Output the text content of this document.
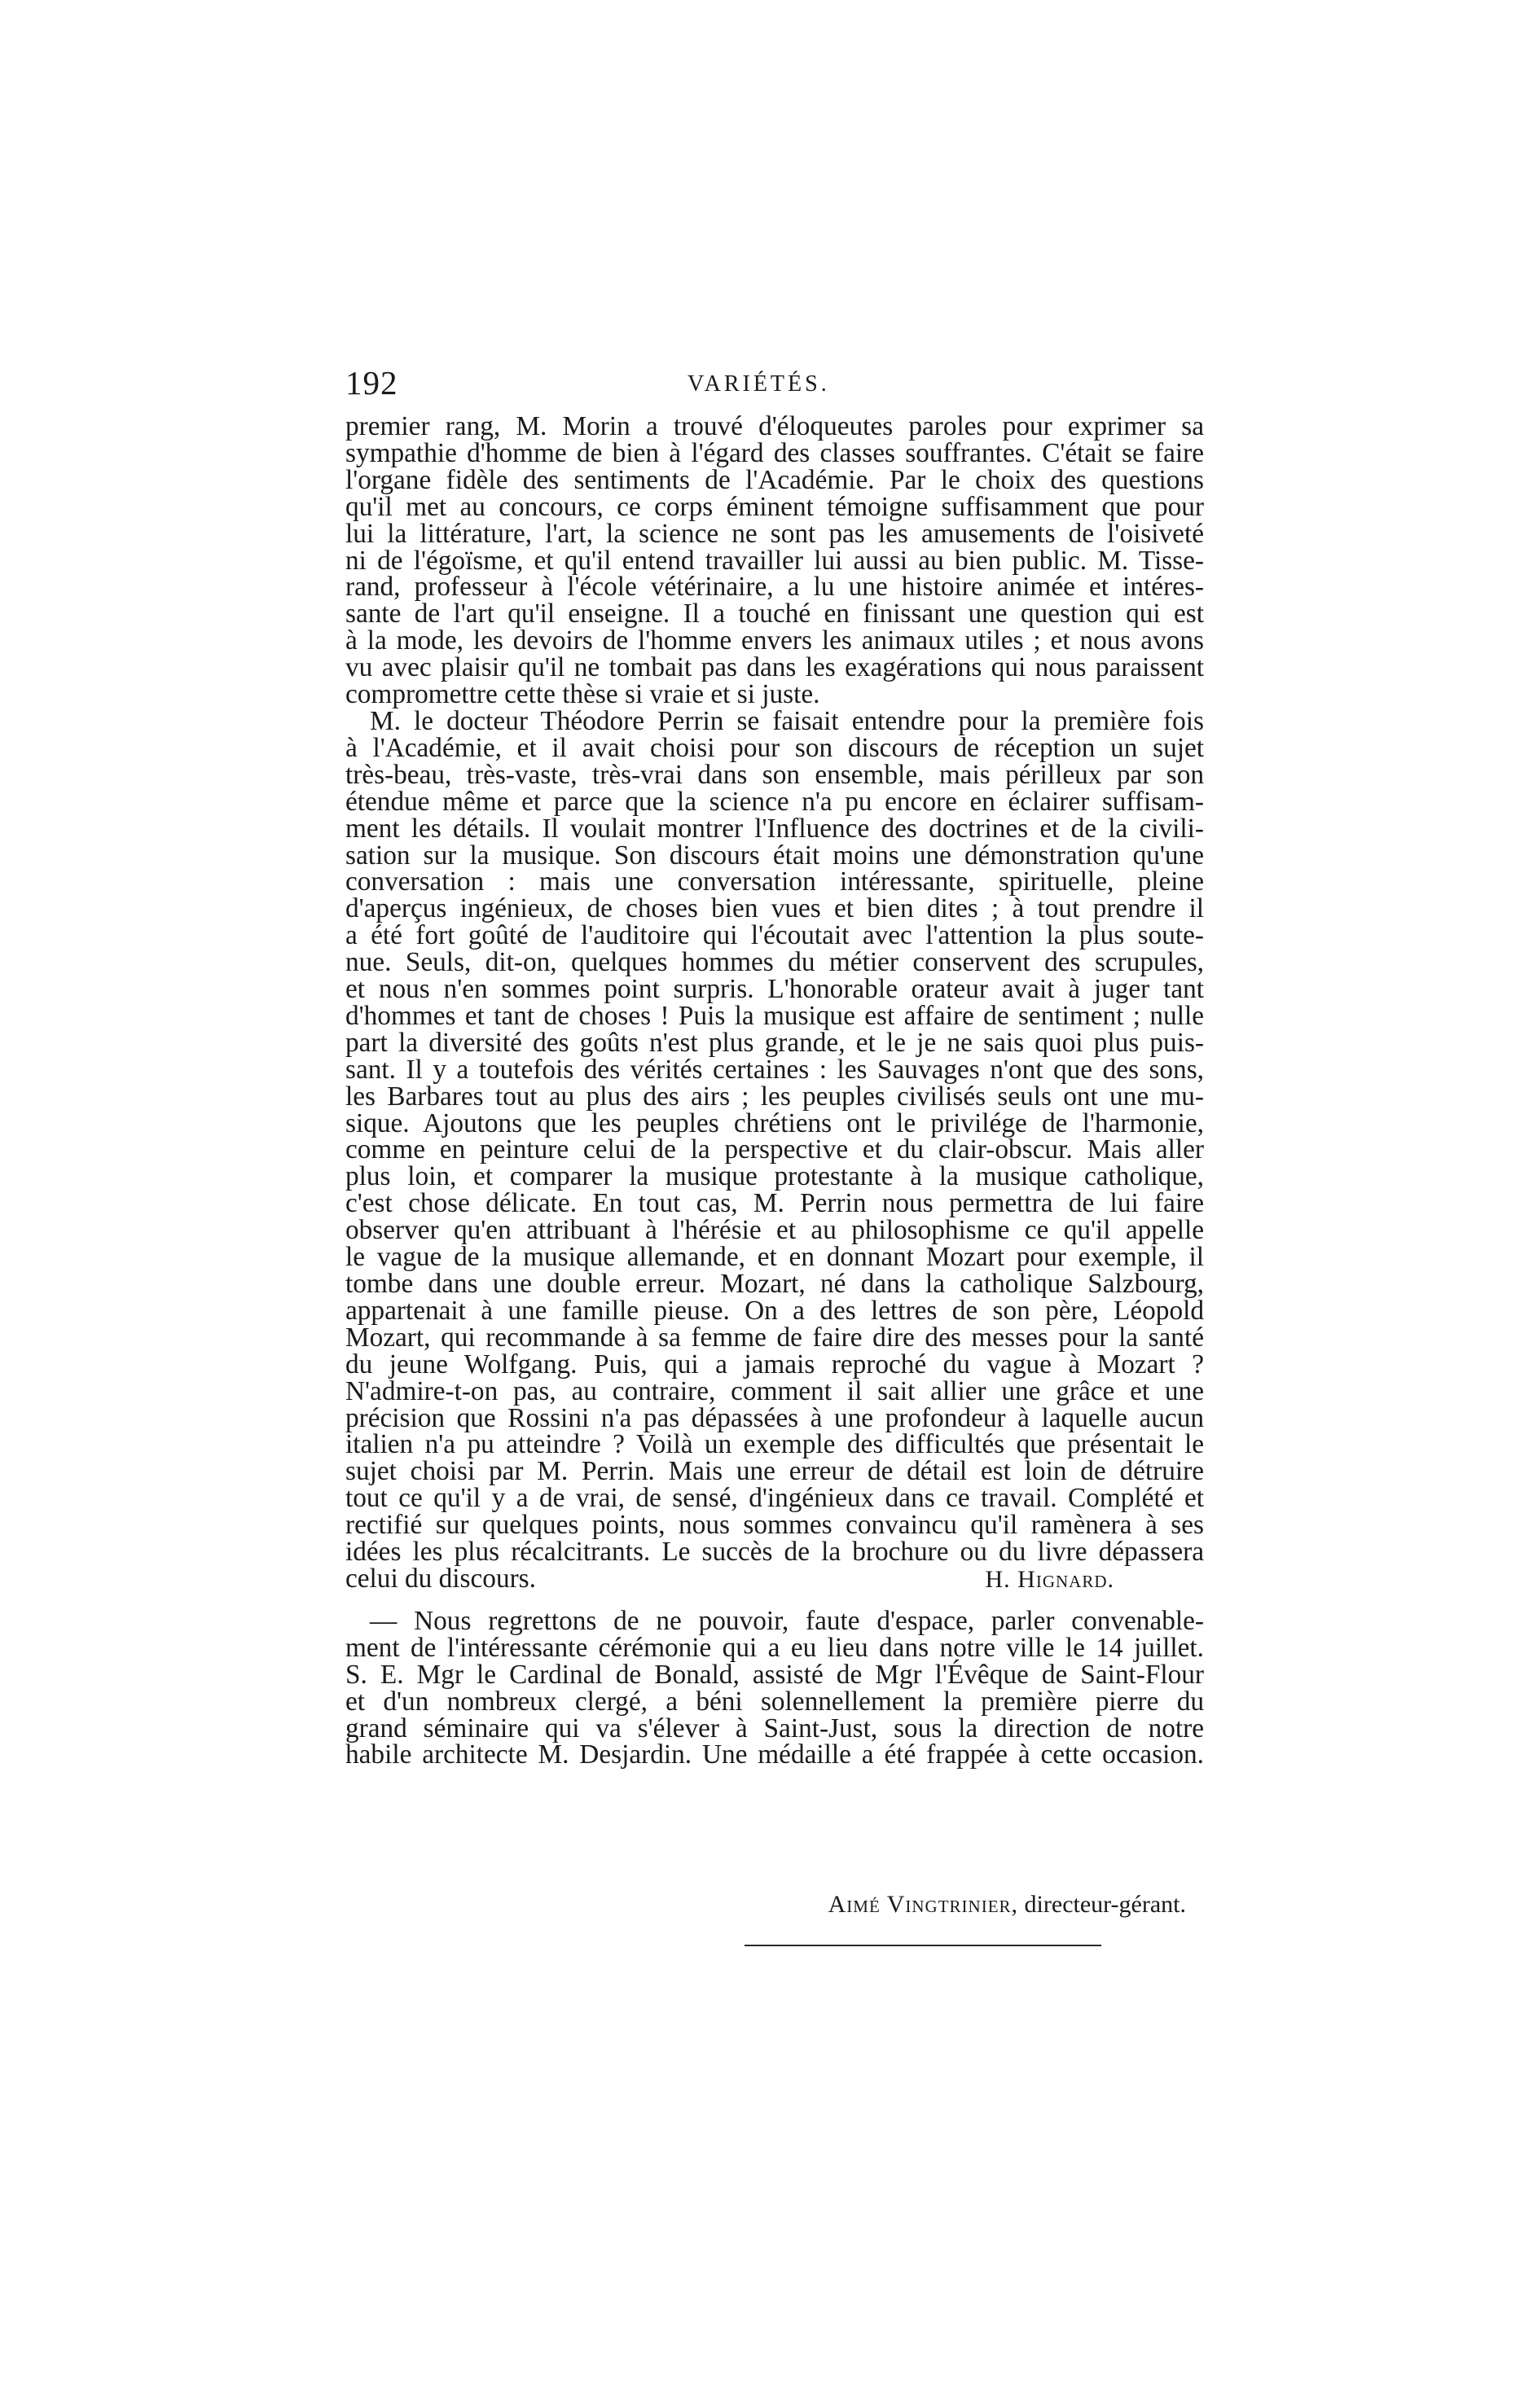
192	VARIÉTÉS.

premier rang, M. Morin a trouvé d'éloqueutes paroles pour exprimer sa
sympathie d'homme de bien à l'égard des classes souffrantes. C'était se faire
l'organe fidèle des sentiments de l'Académie. Par le choix des questions
qu'il met au concours, ce corps éminent témoigne suffisamment que pour
lui la littérature, l'art, la science ne sont pas les amusements de l'oisiveté
ni de l'égoïsme, et qu'il entend travailler lui aussi au bien public. M. Tisse-
rand, professeur à l'école vétérinaire, a lu une histoire animée et intéres-
sante de l'art qu'il enseigne. Il a touché en finissant une question qui est
à la mode, les devoirs de l'homme envers les animaux utiles ; et nous avons
vu avec plaisir qu'il ne tombait pas dans les exagérations qui nous paraissent
compromettre cette thèse si vraie et si juste.

M. le docteur Théodore Perrin se faisait entendre pour la première fois
à l'Académie, et il avait choisi pour son discours de réception un sujet
très-beau, très-vaste, très-vrai dans son ensemble, mais périlleux par son
étendue même et parce que la science n'a pu encore en éclairer suffisam-
ment les détails. Il voulait montrer l'Influence des doctrines et de la civili-
sation sur la musique. Son discours était moins une démonstration qu'une
conversation : mais une conversation intéressante, spirituelle, pleine
d'aperçus ingénieux, de choses bien vues et bien dites ; à tout prendre il
a été fort goûté de l'auditoire qui l'écoutait avec l'attention la plus soute-
nue. Seuls, dit-on, quelques hommes du métier conservent des scrupules,
et nous n'en sommes point surpris. L'honorable orateur avait à juger tant
d'hommes et tant de choses ! Puis la musique est affaire de sentiment ; nulle
part la diversité des goûts n'est plus grande, et le je ne sais quoi plus puis-
sant. Il y a toutefois des vérités certaines : les Sauvages n'ont que des sons,
les Barbares tout au plus des airs ; les peuples civilisés seuls ont une mu-
sique. Ajoutons que les peuples chrétiens ont le privilége de l'harmonie,
comme en peinture celui de la perspective et du clair-obscur. Mais aller
plus loin, et comparer la musique protestante à la musique catholique,
c'est chose délicate. En tout cas, M. Perrin nous permettra de lui faire
observer qu'en attribuant à l'hérésie et au philosophisme ce qu'il appelle
le vague de la musique allemande, et en donnant Mozart pour exemple, il
tombe dans une double erreur. Mozart, né dans la catholique Salzbourg,
appartenait à une famille pieuse. On a des lettres de son père, Léopold
Mozart, qui recommande à sa femme de faire dire des messes pour la santé
du jeune Wolfgang. Puis, qui a jamais reproché du vague à Mozart ?
N'admire-t-on pas, au contraire, comment il sait allier une grâce et une
précision que Rossini n'a pas dépassées à une profondeur à laquelle aucun
italien n'a pu atteindre ? Voilà un exemple des difficultés que présentait le
sujet choisi par M. Perrin. Mais une erreur de détail est loin de détruire
tout ce qu'il y a de vrai, de sensé, d'ingénieux dans ce travail. Complété et
rectifié sur quelques points, nous sommes convaincu qu'il ramènera à ses
idées les plus récalcitrants. Le succès de la brochure ou du livre dépassera

celui du discours.	H. Hignard.

— Nous regrettons de ne pouvoir, faute d'espace, parler convenable-
ment de l'intéressante cérémonie qui a eu lieu dans notre ville le 14 juillet.
S. E. Mgr le Cardinal de Bonald, assisté de Mgr l'Évêque de Saint-Flour
et d'un nombreux clergé, a béni solennellement la première pierre du
grand séminaire qui va s'élever à Saint-Just, sous la direction de notre
habile architecte M. Desjardin. Une médaille a été frappée à cette occasion.

Aimé Vingtrinier, directeur-gérant.
